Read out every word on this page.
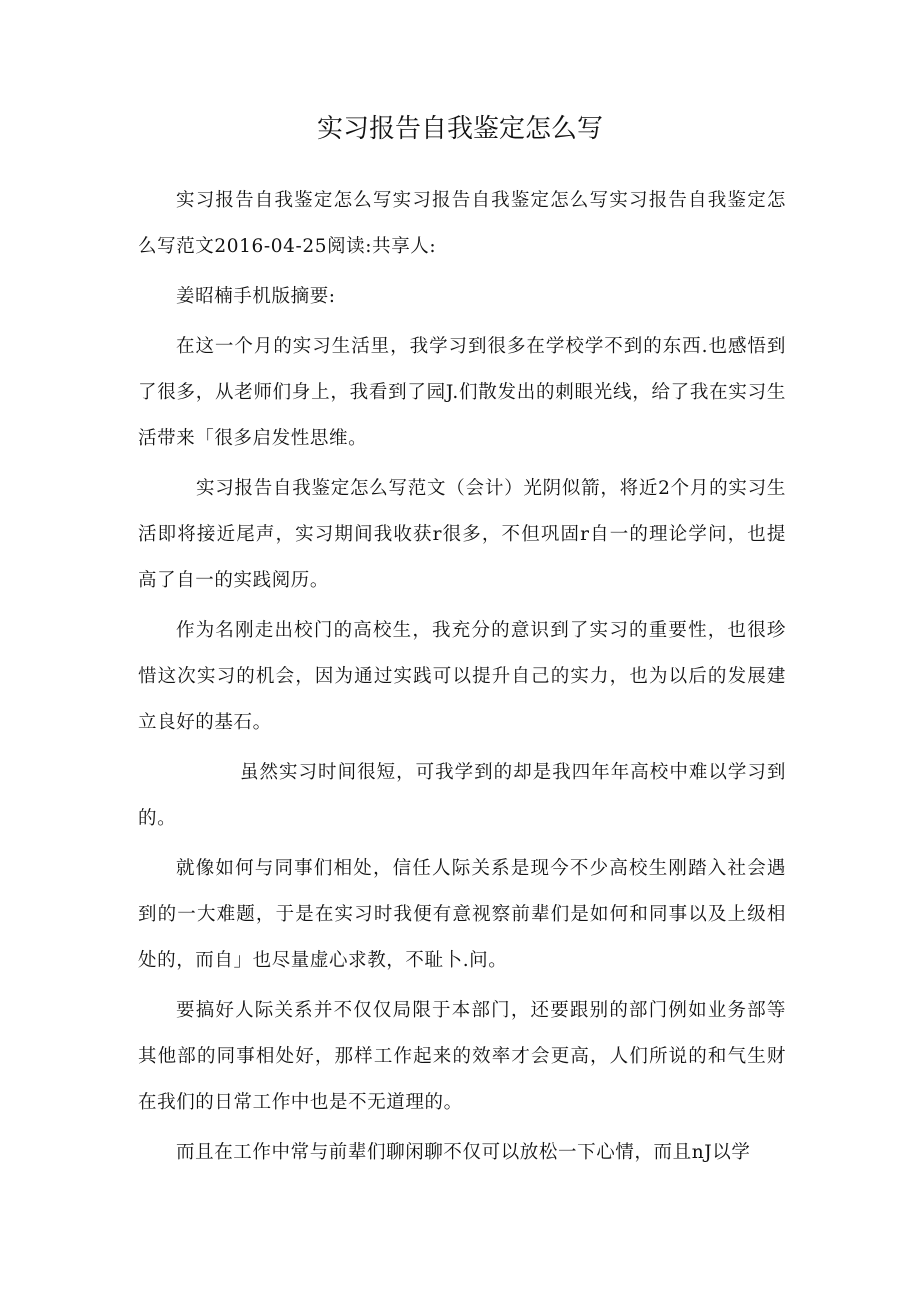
实习报告自我鉴定怎么写

实习报告自我鉴定怎么写实习报告自我鉴定怎么写实习报告自我鉴定怎么写范文2016-04-25阅读:共享人:

姜昭楠手机版摘要:

在这一个月的实习生活里，我学习到很多在学校学不到的东西.也感悟到了很多，从老师们身上，我看到了园J.们散发出的刺眼光线，给了我在实习生活带来「很多启发性思维。

实习报告自我鉴定怎么写范文（会计）光阴似箭，将近2个月的实习生活即将接近尾声，实习期间我收获r很多，不但巩固r自一的理论学问，也提高了自一的实践阅历。

作为名刚走出校门的高校生，我充分的意识到了实习的重要性，也很珍惜这次实习的机会，因为通过实践可以提升自己的实力，也为以后的发展建立良好的基石。

虽然实习时间很短，可我学到的却是我四年年高校中难以学习到的。

就像如何与同事们相处，信任人际关系是现今不少高校生刚踏入社会遇到的一大难题，于是在实习时我便有意视察前辈们是如何和同事以及上级相处的，而自」也尽量虚心求教，不耻卜.问。

要搞好人际关系并不仅仅局限于本部门，还要跟别的部门例如业务部等其他部的同事相处好，那样工作起来的效率才会更高，人们所说的和气生财在我们的日常工作中也是不无道理的。

而且在工作中常与前辈们聊闲聊不仅可以放松一下心情，而且nJ以学
